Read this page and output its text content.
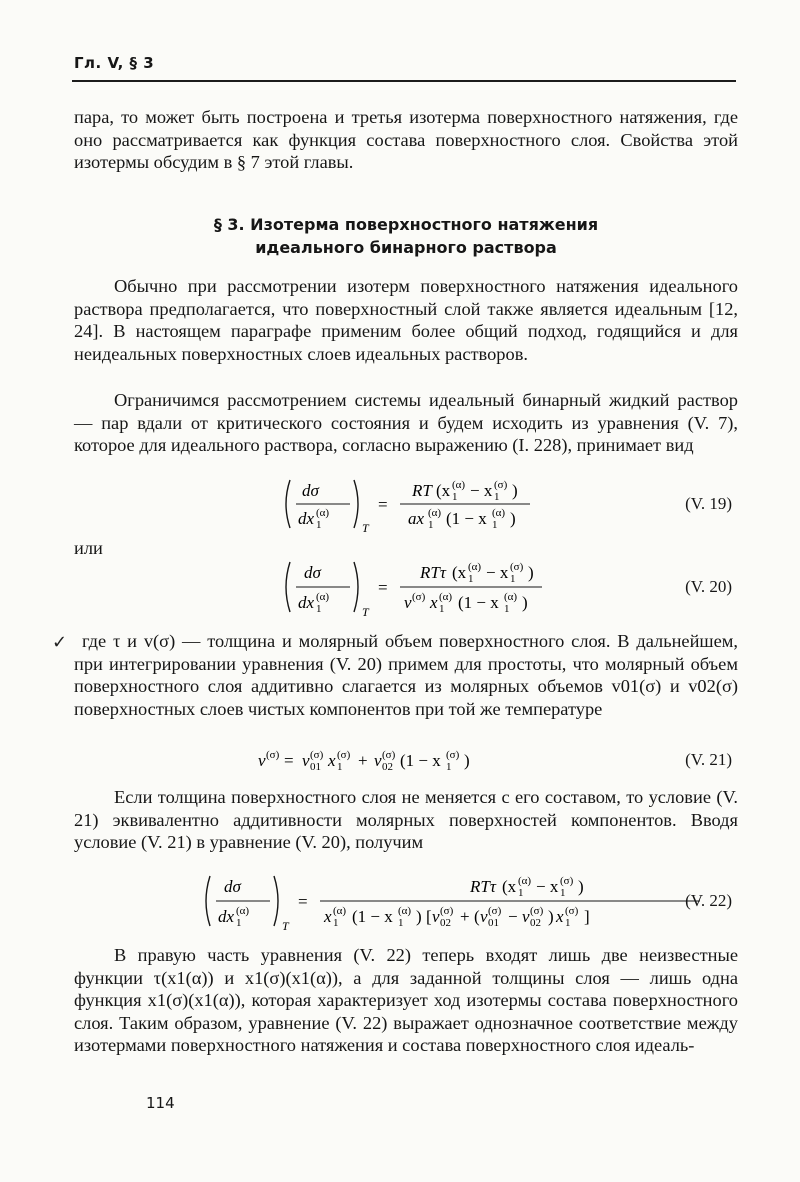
Гл. V, § 3
пара, то может быть построена и третья изотерма поверхностного натяжения, где оно рассматривается как функция состава поверхностного слоя. Свойства этой изотермы обсудим в § 7 этой главы.
§ 3. Изотерма поверхностного натяжения
идеального бинарного раствора
Обычно при рассмотрении изотерм поверхностного натяжения идеального раствора предполагается, что поверхностный слой также является идеальным [12, 24]. В настоящем параграфе применим более общий подход, годящийся и для неидеальных поверхностных слоев идеальных растворов.
Ограничимся рассмотрением системы идеальный бинарный жидкий раствор — пар вдали от критического состояния и будем исходить из уравнения (V. 7), которое для идеального раствора, согласно выражению (I. 228), принимает вид
dσ
dx 1
(α)
T
=
RT (x 1
(α) − x 1
(σ) )
ax 1
(α) (1 − x 1
(α) )
(V. 19)
или
dσ
dx 1
(α)
T
=
RTτ (x 1
(α) − x 1
(σ) )
v (σ) x 1
(α) (1 − x 1
(α) )
(V. 20)
✓ где τ и v(σ) — толщина и молярный объем поверхностного слоя. В дальнейшем, при интегрировании уравнения (V. 20) примем для простоты, что молярный объем поверхностного слоя аддитивно слагается из молярных объемов v01(σ) и v02(σ) поверхностных слоев чистых компонентов при той же температуре
v (σ) = v 01
(σ) x 1
(σ) + v 02
(σ) (1 − x 1
(σ) )	(V. 21)
Если толщина поверхностного слоя не меняется с его составом, то условие (V. 21) эквивалентно аддитивности молярных поверхностей компонентов. Вводя условие (V. 21) в уравнение (V. 20), получим
dσ
dx 1
(α)
T
=
RTτ (x 1
(α) − x 1
(σ) )
x 1
(α) (1 − x 1
(α) ) [ v 02
(σ) + ( v 01
(σ) − v 02
(σ) ) x 1
(σ) ]
(V. 22)
В правую часть уравнения (V. 22) теперь входят лишь две неизвестные функции τ(x1(α)) и x1(σ)(x1(α)), а для заданной толщины слоя — лишь одна функция x1(σ)(x1(α)), которая характеризует ход изотермы состава поверхностного слоя. Таким образом, уравнение (V. 22) выражает однозначное соответствие между изотермами поверхностного натяжения и состава поверхностного слоя идеаль-
114
